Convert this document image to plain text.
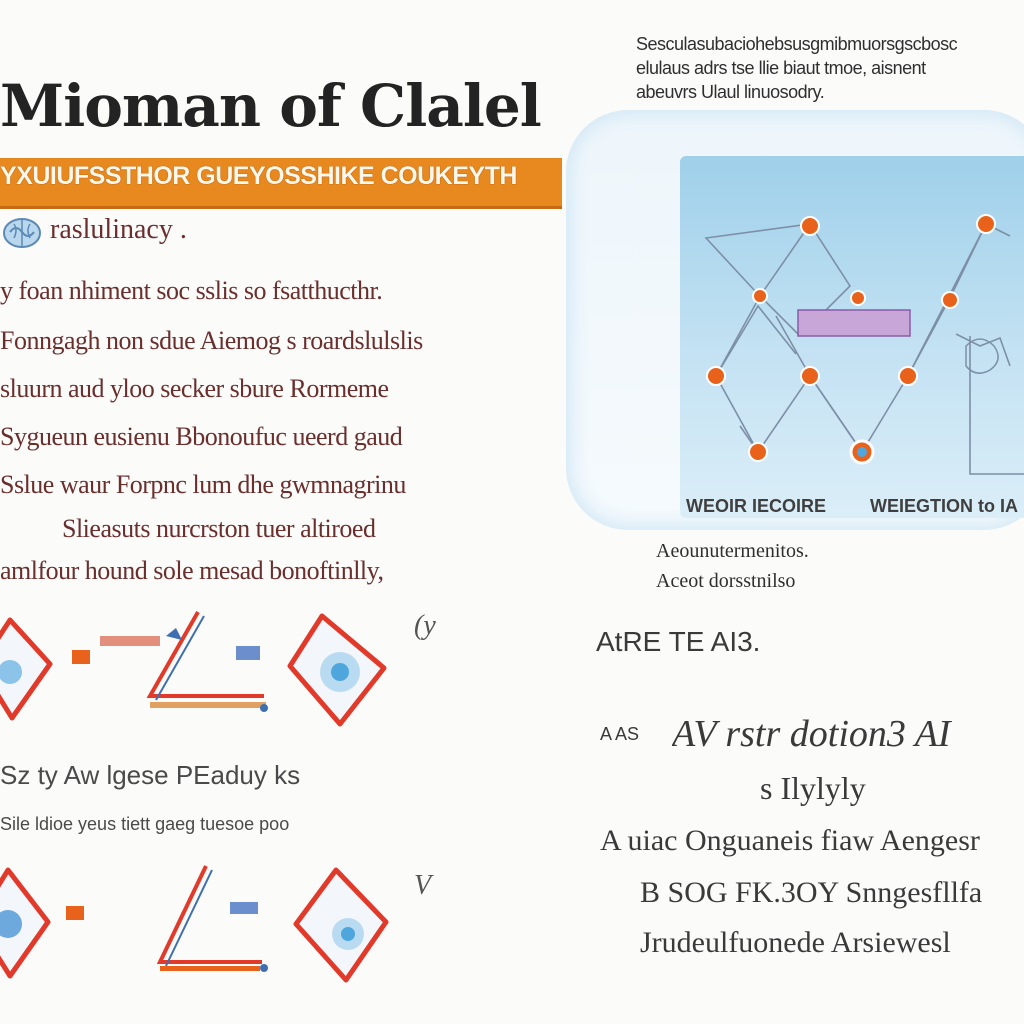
Mioman of Clalel
YXUIUFSSTHOR GUEYOSSHIKE COUKEYTH
raslulinacy .
y foan nhiment soc sslis so fsatthucthr.
Fonngagh non sdue Aiemog s roardslulslis
sluurn aud yloo secker sbure Rormeme
Sygueun eusienu Bbonoufuc ueerd gaud
Sslue waur Forpnc lum dhe gwmnagrinu
Slieasuts nurcrston tuer altiroed
amlfour hound sole mesad bonoftinlly,
(y
Sz ty Aw lgese PEaduy ks
Sile ldioe yeus tiett gaeg tuesoe poo
V
Sesculasubaciohebsusgmibmuorsgscbosc
elulaus adrs tse llie biaut tmoe, aisnent
abeuvrs Ulaul linuosodry.
WEOIR IECOIRE	WEIEGTION to IA
Aeounutermenitos.
Aceot dorsstnilso
AtRE TE AI3.
A AS AV rstr dotion3 AI
s Ilylyly
A uiac Onguaneis fiaw Aengesr
B SOG FK.3OY Snngesfllfa
Jrudeulfuonede Arsiewesl
